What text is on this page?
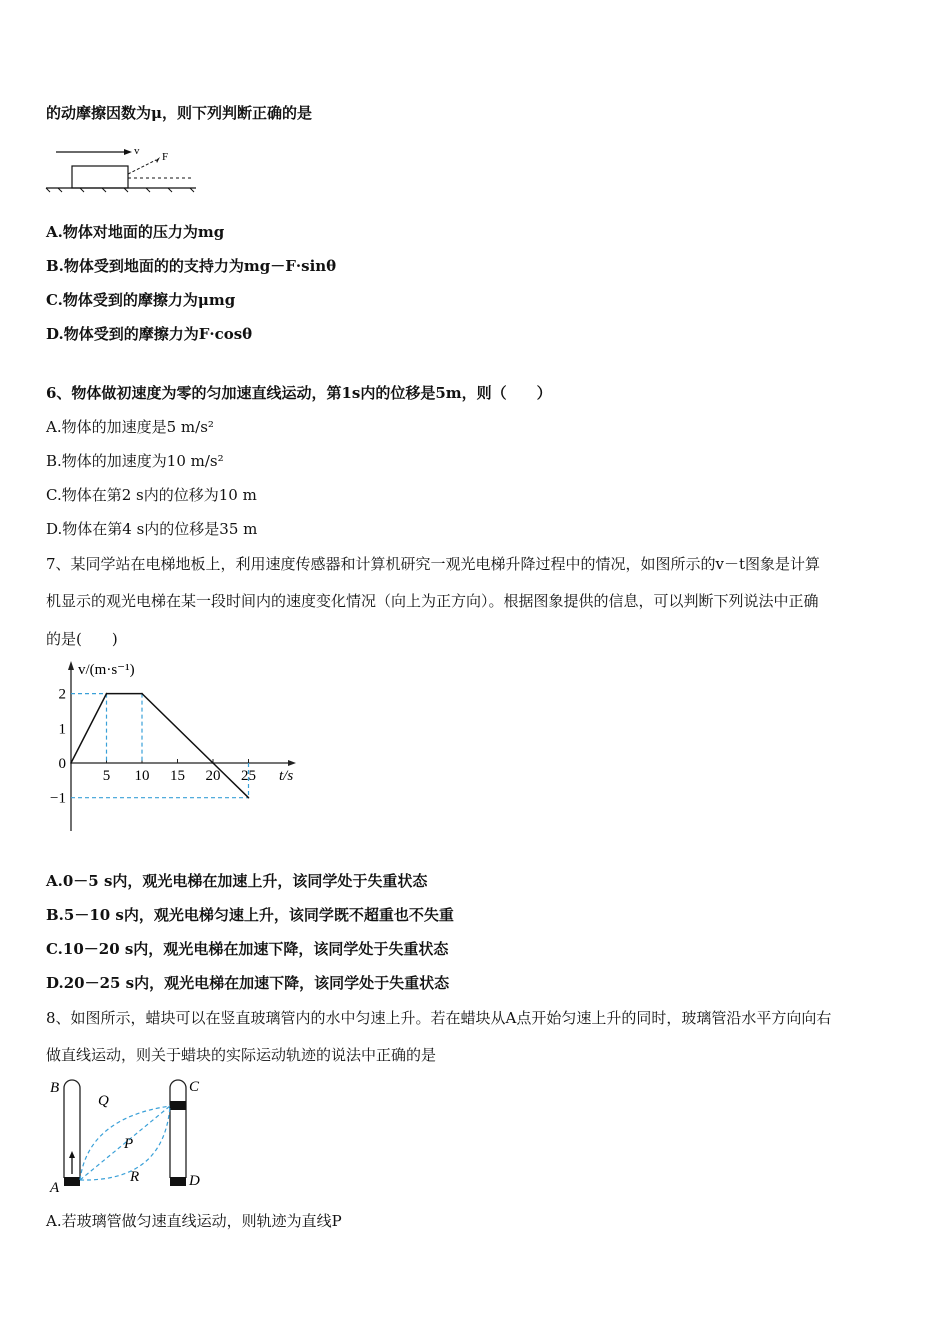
的动摩擦因数为μ，则下列判断正确的是
v F
A.物体对地面的压力为mg
B.物体受到地面的的支持力为mg－F·sinθ
C.物体受到的摩擦力为μmg
D.物体受到的摩擦力为F·cosθ
6、物体做初速度为零的匀加速直线运动，第1s内的位移是5m，则（　　）
A.物体的加速度是5 m/s²
B.物体的加速度为10 m/s²
C.物体在第2 s内的位移为10 m
D.物体在第4 s内的位移是35 m
7、某同学站在电梯地板上，利用速度传感器和计算机研究一观光电梯升降过程中的情况，如图所示的v－t图象是计算
机显示的观光电梯在某一段时间内的速度变化情况（向上为正方向）。根据图象提供的信息，可以判断下列说法中正确
的是(　　)
v/(m·s⁻¹)
t/s
2
1
0
−1
5 10 15 20 25
A.0－5 s内，观光电梯在加速上升，该同学处于失重状态
B.5－10 s内，观光电梯匀速上升，该同学既不超重也不失重
C.10－20 s内，观光电梯在加速下降，该同学处于失重状态
D.20－25 s内，观光电梯在加速下降，该同学处于失重状态
8、如图所示，蜡块可以在竖直玻璃管内的水中匀速上升。若在蜡块从A点开始匀速上升的同时，玻璃管沿水平方向向右
做直线运动，则关于蜡块的实际运动轨迹的说法中正确的是
B
A
C
D
Q
P
R
A.若玻璃管做匀速直线运动，则轨迹为直线P
